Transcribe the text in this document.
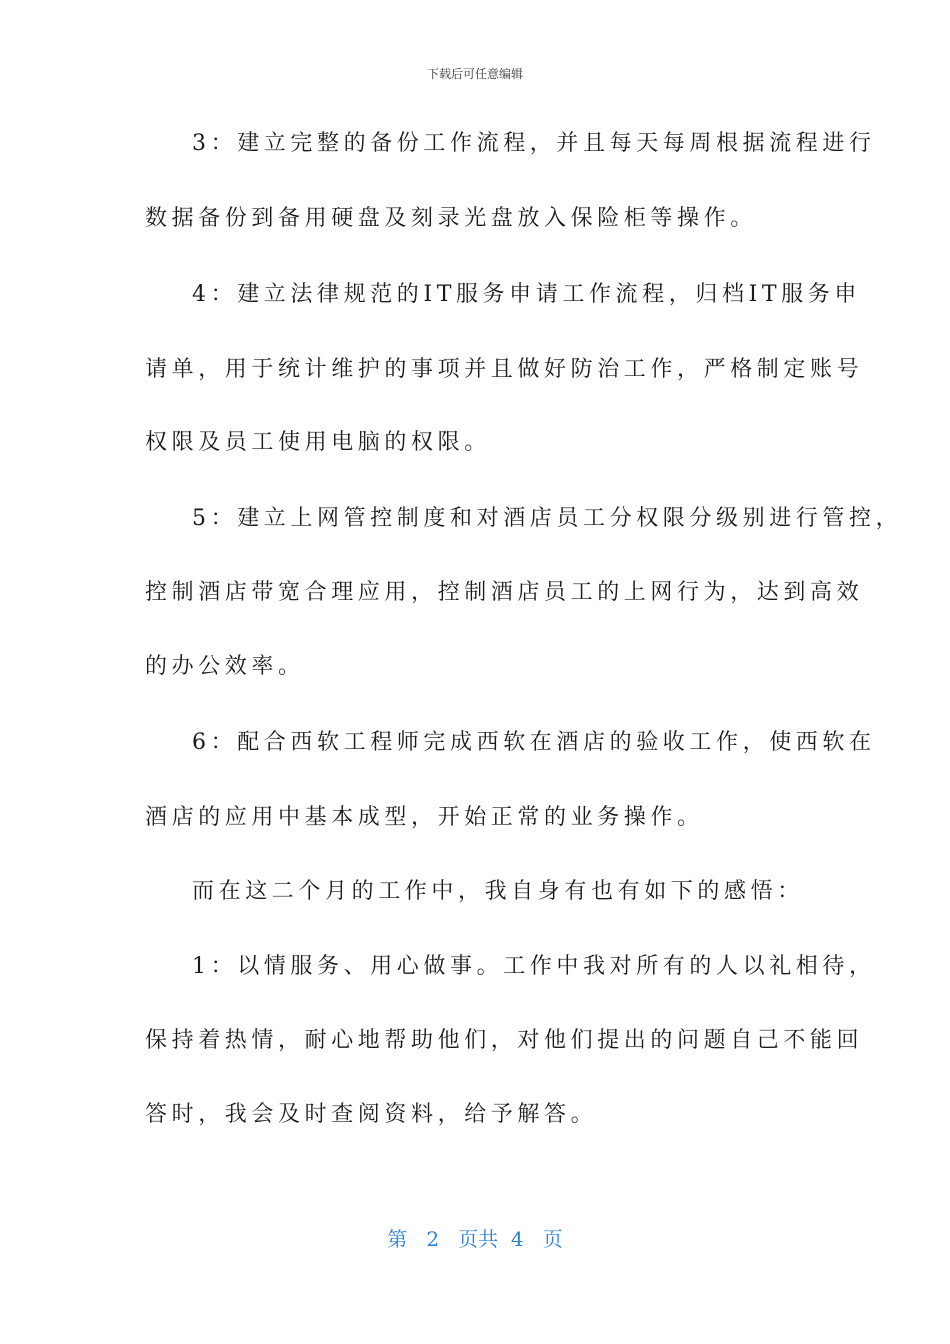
下载后可任意编辑
3：建立完整的备份工作流程，并且每天每周根据流程进行
数据备份到备用硬盘及刻录光盘放入保险柜等操作。
4：建立法律规范的IT服务申请工作流程，归档IT服务申
请单，用于统计维护的事项并且做好防治工作，严格制定账号
权限及员工使用电脑的权限。
5：建立上网管控制度和对酒店员工分权限分级别进行管控，
控制酒店带宽合理应用，控制酒店员工的上网行为，达到高效
的办公效率。
6：配合西软工程师完成西软在酒店的验收工作，使西软在
酒店的应用中基本成型，开始正常的业务操作。
而在这二个月的工作中，我自身有也有如下的感悟：
1：以情服务、用心做事。工作中我对所有的人以礼相待，
保持着热情，耐心地帮助他们，对他们提出的问题自己不能回
答时，我会及时查阅资料，给予解答。
第 2 页共 4 页
